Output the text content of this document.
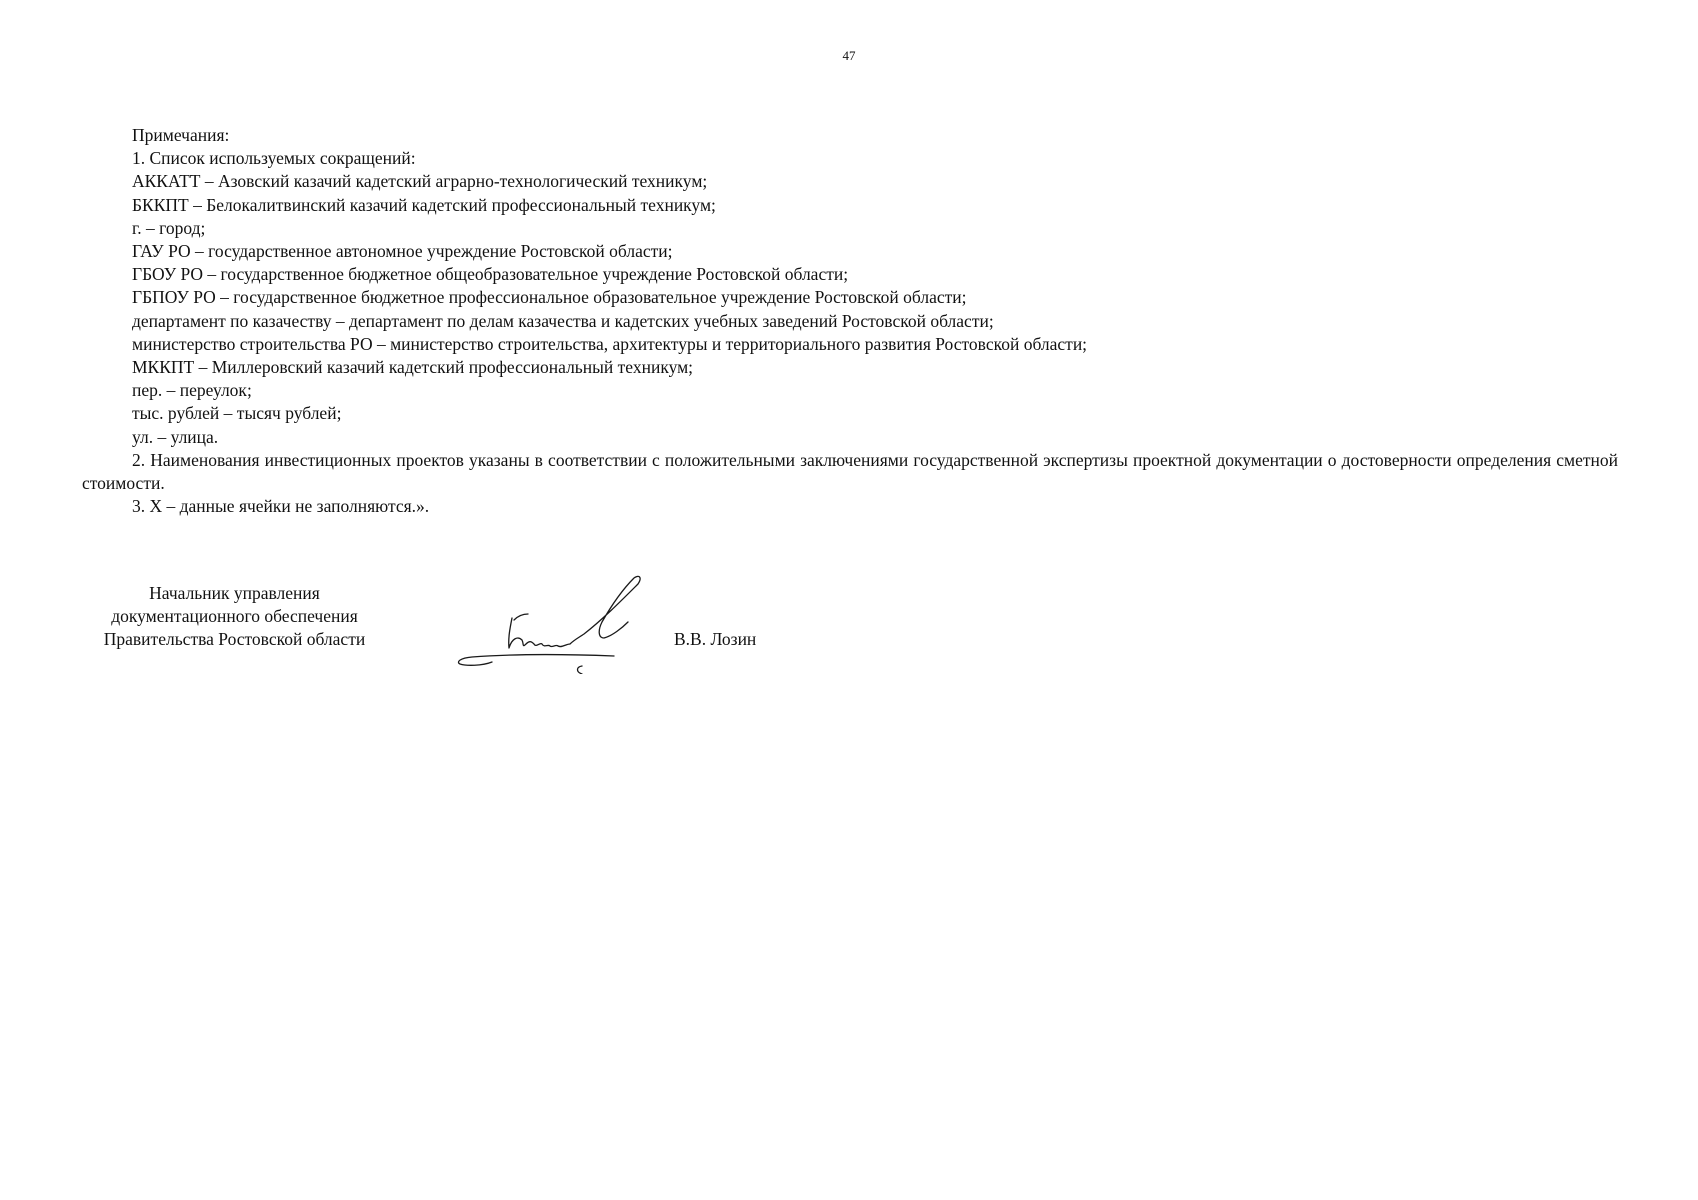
47
Примечания:
1. Список используемых сокращений:
АККАТТ – Азовский казачий кадетский аграрно-технологический техникум;
БККПТ – Белокалитвинский казачий кадетский профессиональный техникум;
г. – город;
ГАУ РО – государственное автономное учреждение Ростовской области;
ГБОУ РО – государственное бюджетное общеобразовательное учреждение Ростовской области;
ГБПОУ РО – государственное бюджетное профессиональное образовательное учреждение Ростовской области;
департамент по казачеству – департамент по делам казачества и кадетских учебных заведений Ростовской области;
министерство строительства РО – министерство строительства, архитектуры и территориального развития Ростовской области;
МККПТ – Миллеровский казачий кадетский профессиональный техникум;
пер. – переулок;
тыс. рублей – тысяч рублей;
ул. – улица.
2. Наименования инвестиционных проектов указаны в соответствии с положительными заключениями государственной экспертизы проектной документации о достоверности определения сметной стоимости.
3. Х – данные ячейки не заполняются.».
Начальник управления
документационного обеспечения
Правительства Ростовской области	В.В. Лозин
